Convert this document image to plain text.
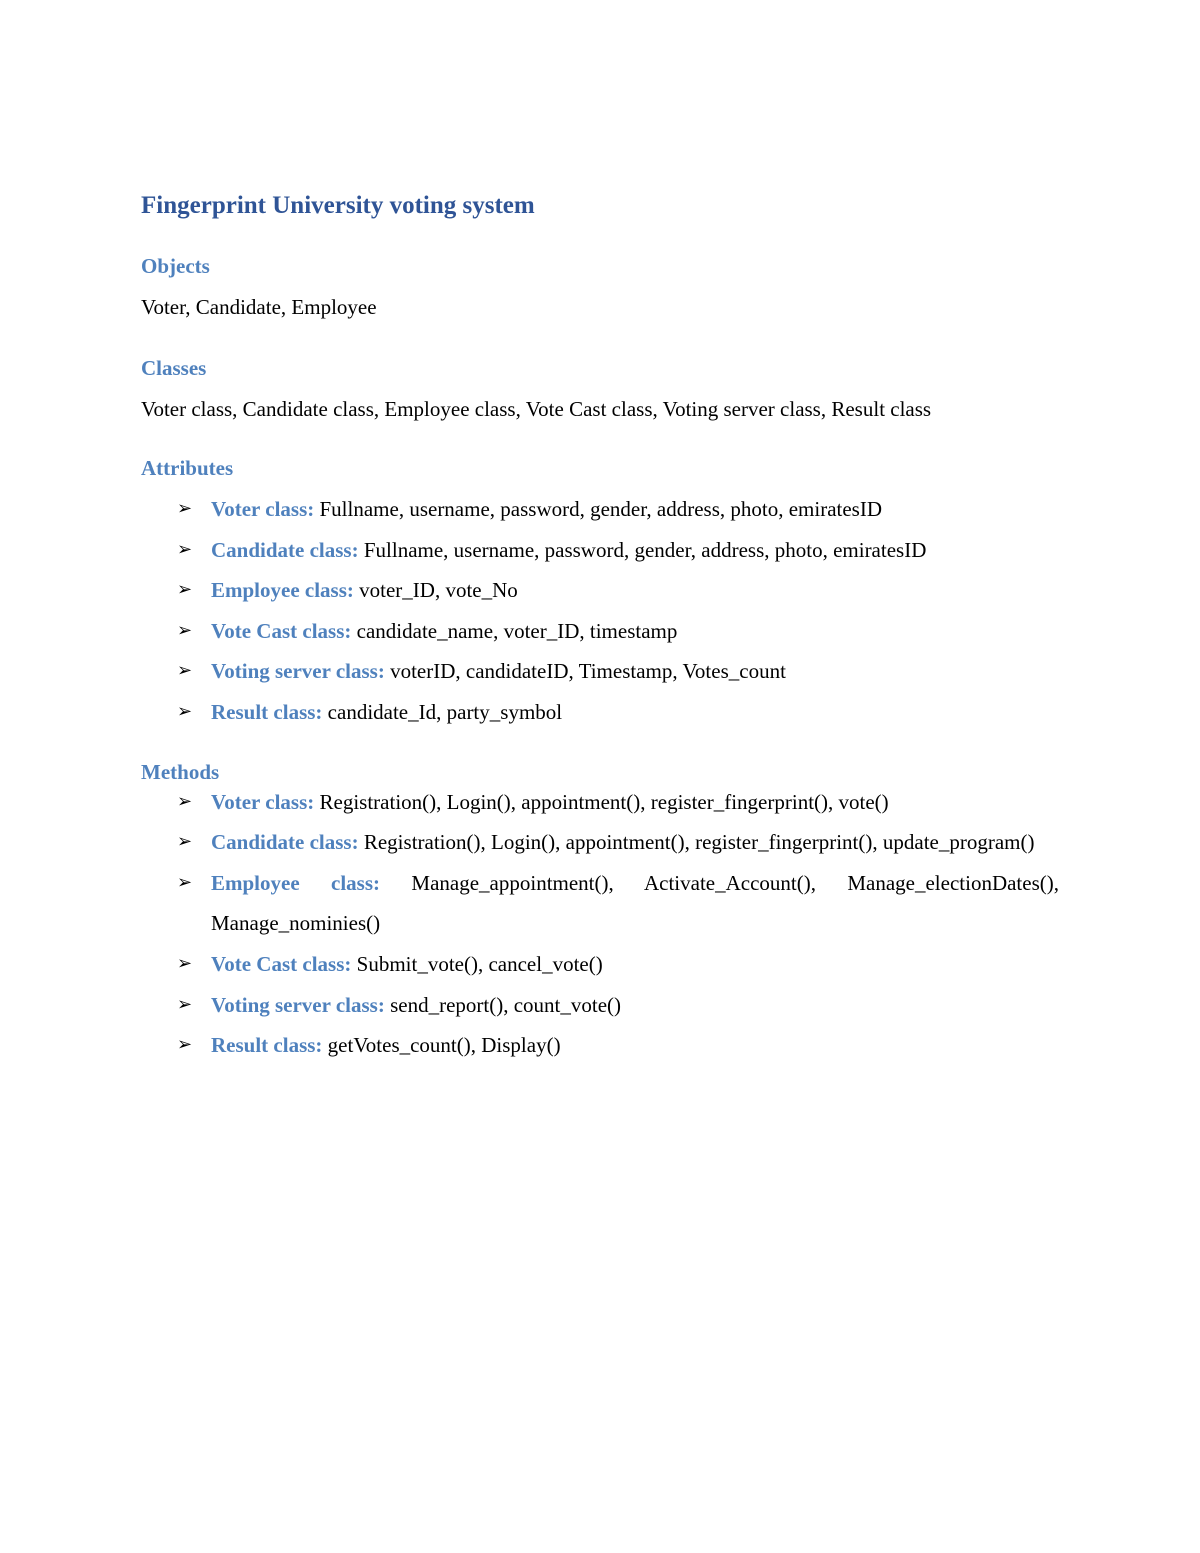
Fingerprint University voting system
Objects

Voter, Candidate, Employee

Classes

Voter class, Candidate class, Employee class, Vote Cast class, Voting server class, Result class

Attributes
➢ Voter class: Fullname, username, password, gender, address, photo, emiratesID
➢ Candidate class: Fullname, username, password, gender, address, photo, emiratesID
➢ Employee class: voter_ID, vote_No
➢ Vote Cast class: candidate_name, voter_ID, timestamp
➢ Voting server class: voterID, candidateID, Timestamp, Votes_count
➢ Result class: candidate_Id, party_symbol
Methods
➢ Voter class: Registration(), Login(), appointment(), register_fingerprint(), vote()
➢ Candidate class: Registration(), Login(), appointment(), register_fingerprint(), update_program()
➢ Employee class: Manage_appointment(), Activate_Account(), Manage_electionDates(), Manage_nominies()
➢ Vote Cast class: Submit_vote(), cancel_vote()
➢ Voting server class: send_report(), count_vote()
➢ Result class: getVotes_count(), Display()
